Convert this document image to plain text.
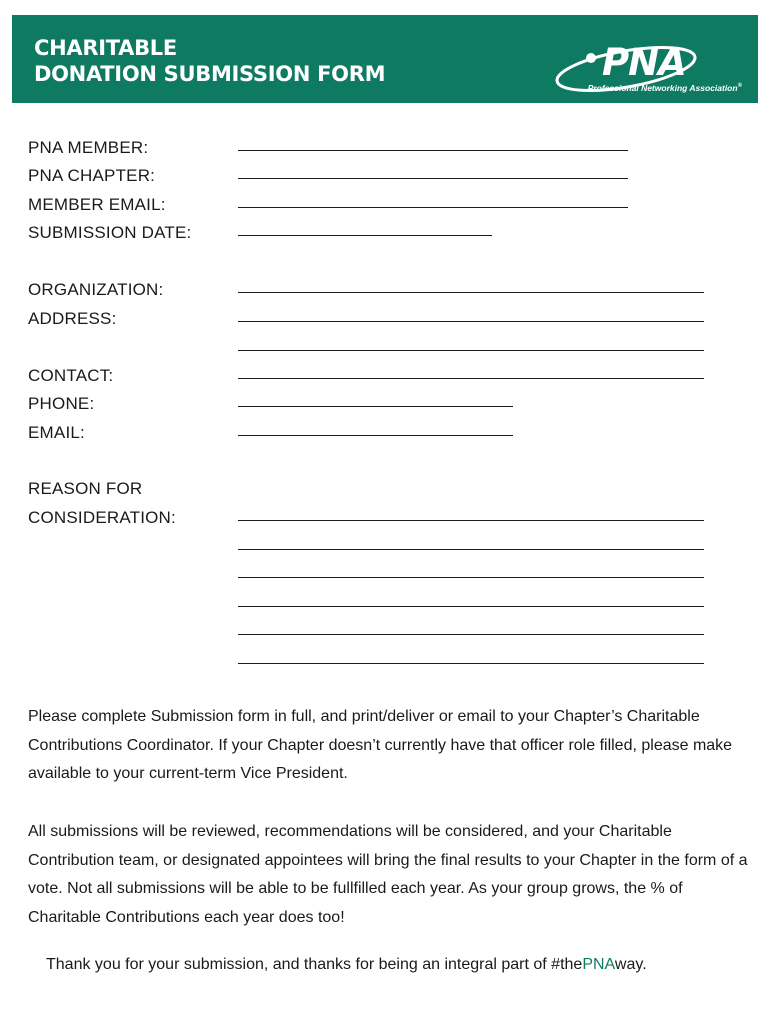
CHARITABLE
DONATION SUBMISSION FORM	PNA
Professional Networking Association®
PNA MEMBER:
PNA CHAPTER:
MEMBER EMAIL:
SUBMISSION DATE:
ORGANIZATION:
ADDRESS:
CONTACT:
PHONE:
EMAIL:
REASON FOR
CONSIDERATION:

Please complete Submission form in full, and print/deliver or email to your Chapter’s Charitable Contributions Coordinator. If your Chapter doesn’t currently have that officer role filled, please make available to your current-term Vice President.

All submissions will be reviewed, recommendations will be considered, and your Charitable Contribution team, or designated appointees will bring the final results to your Chapter in the form of a vote. Not all submissions will be able to be fullfilled each year. As your group grows, the % of Charitable Contributions each year does too!

Thank you for your submission, and thanks for being an integral part of #thePNAway.
